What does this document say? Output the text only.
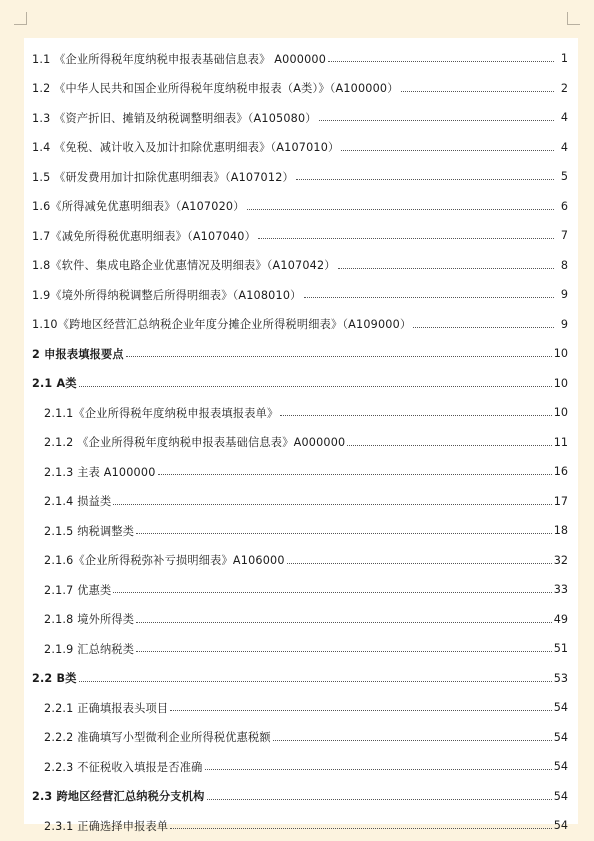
1.1 《企业所得税年度纳税申报表基础信息表》 A000000	1
1.2 《中华人民共和国企业所得税年度纳税申报表（A类）》（A100000）	2
1.3 《资产折旧、摊销及纳税调整明细表》（A105080）	4
1.4 《免税、减计收入及加计扣除优惠明细表》（A107010）	4
1.5 《研发费用加计扣除优惠明细表》（A107012）	5
1.6《所得减免优惠明细表》（A107020）	6
1.7《减免所得税优惠明细表》（A107040）	7
1.8《软件、集成电路企业优惠情况及明细表》（A107042）	8
1.9《境外所得纳税调整后所得明细表》（A108010）	9
1.10《跨地区经营汇总纳税企业年度分摊企业所得税明细表》（A109000）	9
2 申报表填报要点	10
2.1 A类	10
2.1.1《企业所得税年度纳税申报表填报表单》	10
2.1.2 《企业所得税年度纳税申报表基础信息表》A000000	11
2.1.3 主表 A100000	16
2.1.4 损益类	17
2.1.5 纳税调整类	18
2.1.6《企业所得税弥补亏损明细表》A106000	32
2.1.7 优惠类	33
2.1.8 境外所得类	49
2.1.9 汇总纳税类	51
2.2 B类	53
2.2.1 正确填报表头项目	54
2.2.2 准确填写小型微利企业所得税优惠税额	54
2.2.3 不征税收入填报是否准确	54
2.3 跨地区经营汇总纳税分支机构	54
2.3.1 正确选择申报表单	54
